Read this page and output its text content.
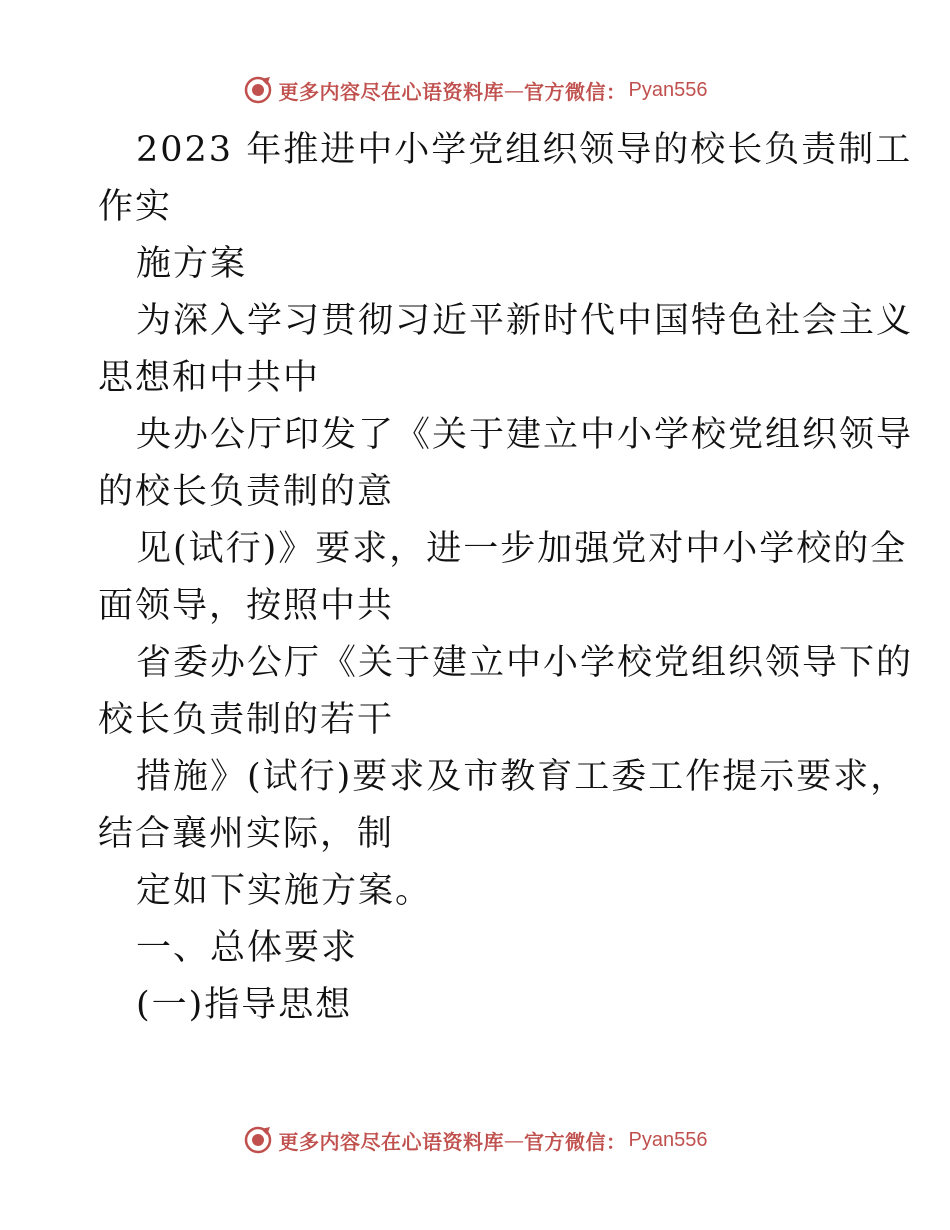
更多内容尽在心语资料库 — 官方微信： Pyan556
2023 年推进中小学党组织领导的校长负责制工
作实
施方案
为深入学习贯彻习近平新时代中国特色社会主义
思想和中共中
央办公厅印发了《关于建立中小学校党组织领导
的校长负责制的意
见(试行)》要求，进一步加强党对中小学校的全
面领导，按照中共
省委办公厅《关于建立中小学校党组织领导下的
校长负责制的若干
措施》(试行)要求及市教育工委工作提示要求，
结合襄州实际，制
定如下实施方案。
一、总体要求
(一)指导思想
更多内容尽在心语资料库 — 官方微信： Pyan556
